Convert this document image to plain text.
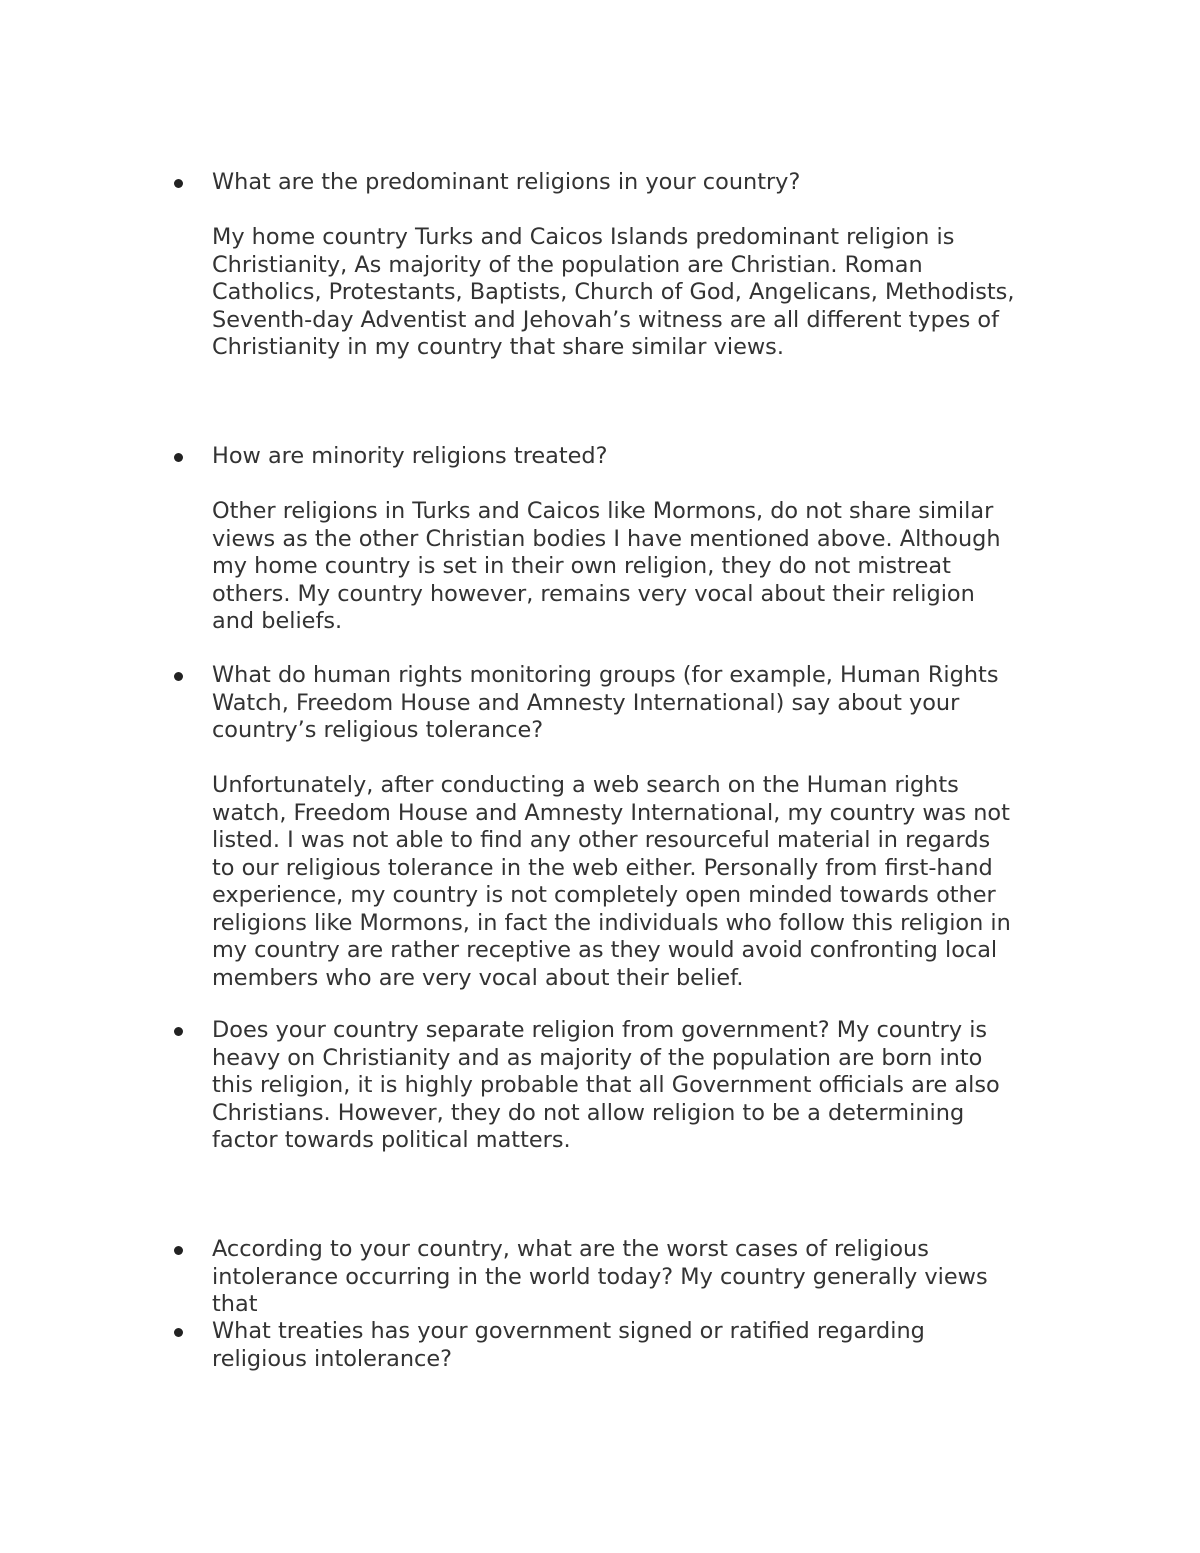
What are the predominant religions in your country?
My home country Turks and Caicos Islands predominant religion is
Christianity, As majority of the population are Christian. Roman
Catholics, Protestants, Baptists, Church of God, Angelicans, Methodists,
Seventh-day Adventist and Jehovah’s witness are all different types of
Christianity in my country that share similar views.
How are minority religions treated?
Other religions in Turks and Caicos like Mormons, do not share similar
views as the other Christian bodies I have mentioned above. Although
my home country is set in their own religion, they do not mistreat
others. My country however, remains very vocal about their religion
and beliefs.
What do human rights monitoring groups (for example, Human Rights
Watch, Freedom House and Amnesty International) say about your
country’s religious tolerance?
Unfortunately, after conducting a web search on the Human rights
watch, Freedom House and Amnesty International, my country was not
listed. I was not able to find any other resourceful material in regards
to our religious tolerance in the web either. Personally from first-hand
experience, my country is not completely open minded towards other
religions like Mormons, in fact the individuals who follow this religion in
my country are rather receptive as they would avoid confronting local
members who are very vocal about their belief.
Does your country separate religion from government? My country is
heavy on Christianity and as majority of the population are born into
this religion, it is highly probable that all Government officials are also
Christians. However, they do not allow religion to be a determining
factor towards political matters.
According to your country, what are the worst cases of religious
intolerance occurring in the world today? My country generally views
that
What treaties has your government signed or ratified regarding
religious intolerance?
